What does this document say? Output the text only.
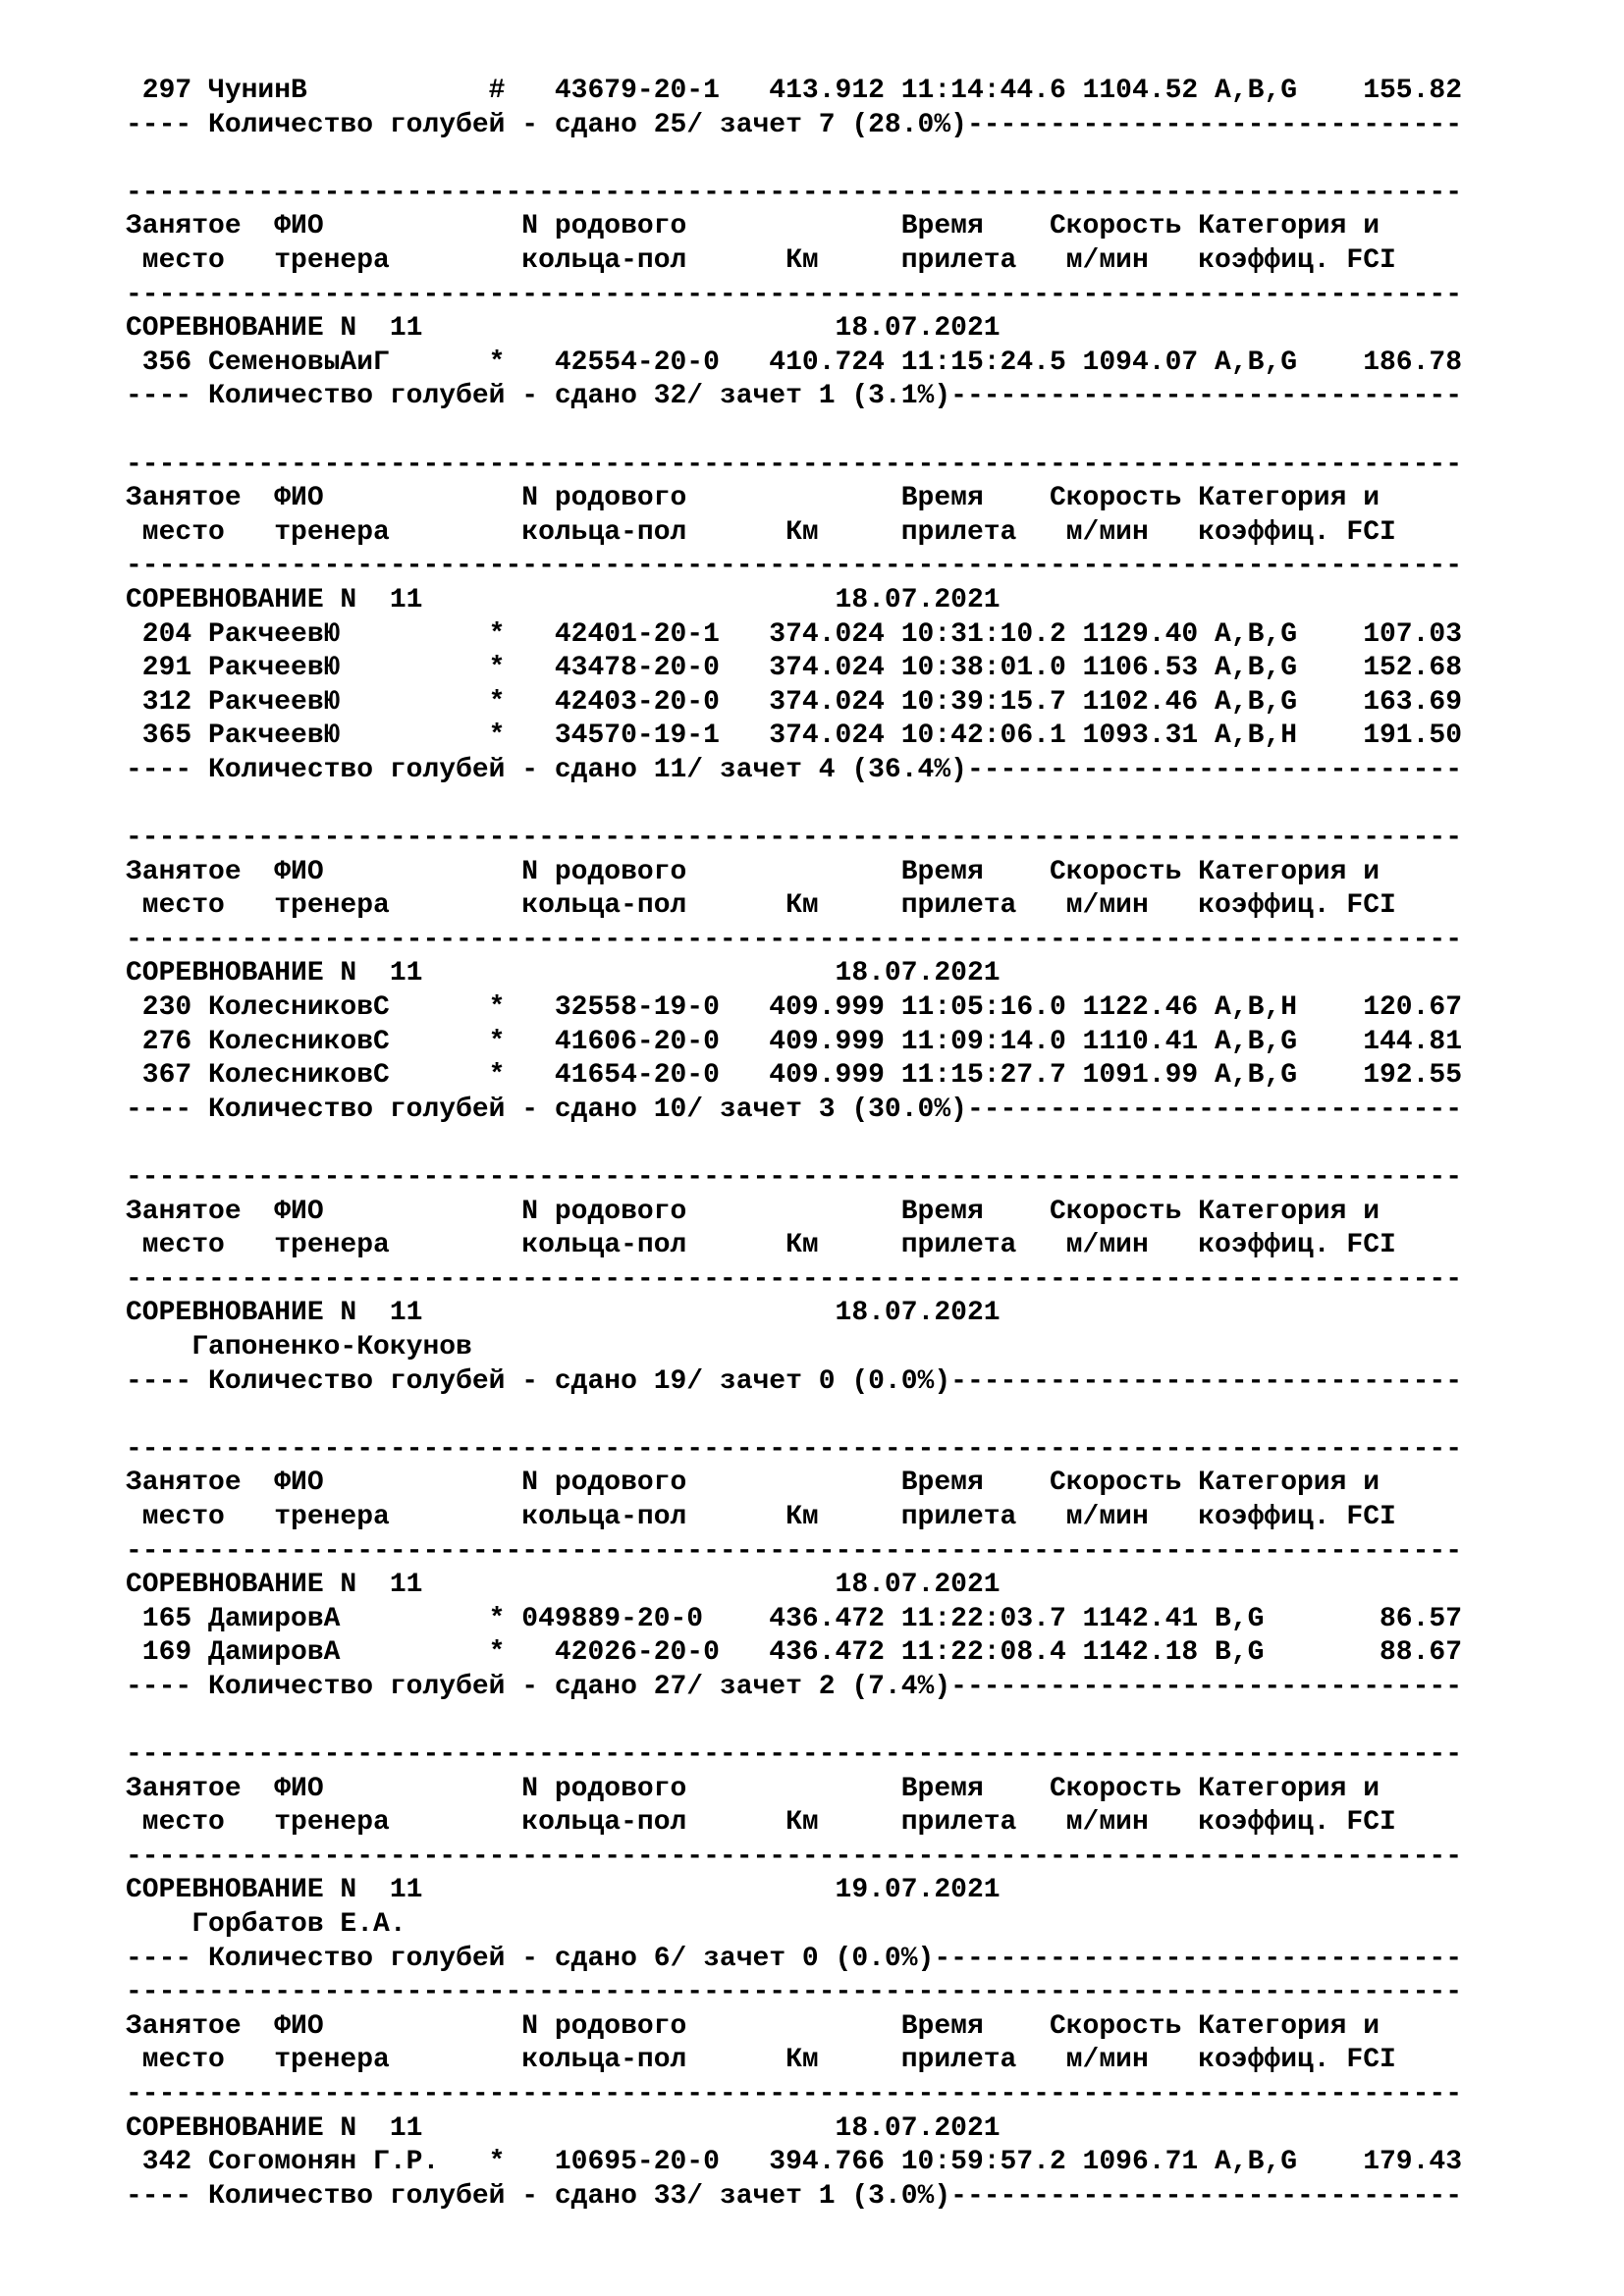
297 ЧунинВ           #   43679-20-1   413.912 11:14:44.6 1104.52 A,B,G    155.82
---- Количество голубей - сдано 25/ зачет 7 (28.0%)------------------------------
---------------------------------------------------------------------------------
Занятое  ФИО            N родового             Время    Скорость Категория и
место   тренера        кольца-пол      Км     прилета   м/мин   коэффиц. FCI
---------------------------------------------------------------------------------
СОРЕВНОВАНИЕ N  11                         18.07.2021
356 СеменовыАиГ      *   42554-20-0   410.724 11:15:24.5 1094.07 A,B,G    186.78
---- Количество голубей - сдано 32/ зачет 1 (3.1%)-------------------------------
---------------------------------------------------------------------------------
Занятое  ФИО            N родового             Время    Скорость Категория и
место   тренера        кольца-пол      Км     прилета   м/мин   коэффиц. FCI
---------------------------------------------------------------------------------
СОРЕВНОВАНИЕ N  11                         18.07.2021
204 РакчеевЮ         *   42401-20-1   374.024 10:31:10.2 1129.40 A,B,G    107.03
291 РакчеевЮ         *   43478-20-0   374.024 10:38:01.0 1106.53 A,B,G    152.68
312 РакчеевЮ         *   42403-20-0   374.024 10:39:15.7 1102.46 A,B,G    163.69
365 РакчеевЮ         *   34570-19-1   374.024 10:42:06.1 1093.31 A,B,H    191.50
---- Количество голубей - сдано 11/ зачет 4 (36.4%)------------------------------
---------------------------------------------------------------------------------
Занятое  ФИО            N родового             Время    Скорость Категория и
место   тренера        кольца-пол      Км     прилета   м/мин   коэффиц. FCI
---------------------------------------------------------------------------------
СОРЕВНОВАНИЕ N  11                         18.07.2021
230 КолесниковС      *   32558-19-0   409.999 11:05:16.0 1122.46 A,B,H    120.67
276 КолесниковС      *   41606-20-0   409.999 11:09:14.0 1110.41 A,B,G    144.81
367 КолесниковС      *   41654-20-0   409.999 11:15:27.7 1091.99 A,B,G    192.55
---- Количество голубей - сдано 10/ зачет 3 (30.0%)------------------------------
---------------------------------------------------------------------------------
Занятое  ФИО            N родового             Время    Скорость Категория и
место   тренера        кольца-пол      Км     прилета   м/мин   коэффиц. FCI
---------------------------------------------------------------------------------
СОРЕВНОВАНИЕ N  11                         18.07.2021
Гапоненко-Кокунов
---- Количество голубей - сдано 19/ зачет 0 (0.0%)-------------------------------
---------------------------------------------------------------------------------
Занятое  ФИО            N родового             Время    Скорость Категория и
место   тренера        кольца-пол      Км     прилета   м/мин   коэффиц. FCI
---------------------------------------------------------------------------------
СОРЕВНОВАНИЕ N  11                         18.07.2021
165 ДамировА         * 049889-20-0    436.472 11:22:03.7 1142.41 B,G       86.57
169 ДамировА         *   42026-20-0   436.472 11:22:08.4 1142.18 B,G       88.67
---- Количество голубей - сдано 27/ зачет 2 (7.4%)-------------------------------
---------------------------------------------------------------------------------
Занятое  ФИО            N родового             Время    Скорость Категория и
место   тренера        кольца-пол      Км     прилета   м/мин   коэффиц. FCI
---------------------------------------------------------------------------------
СОРЕВНОВАНИЕ N  11                         19.07.2021
Горбатов Е.А.
---- Количество голубей - сдано 6/ зачет 0 (0.0%)--------------------------------
---------------------------------------------------------------------------------
Занятое  ФИО            N родового             Время    Скорость Категория и
место   тренера        кольца-пол      Км     прилета   м/мин   коэффиц. FCI
---------------------------------------------------------------------------------
СОРЕВНОВАНИЕ N  11                         18.07.2021
342 Согомонян Г.Р.   *   10695-20-0   394.766 10:59:57.2 1096.71 A,B,G    179.43
---- Количество голубей - сдано 33/ зачет 1 (3.0%)-------------------------------
